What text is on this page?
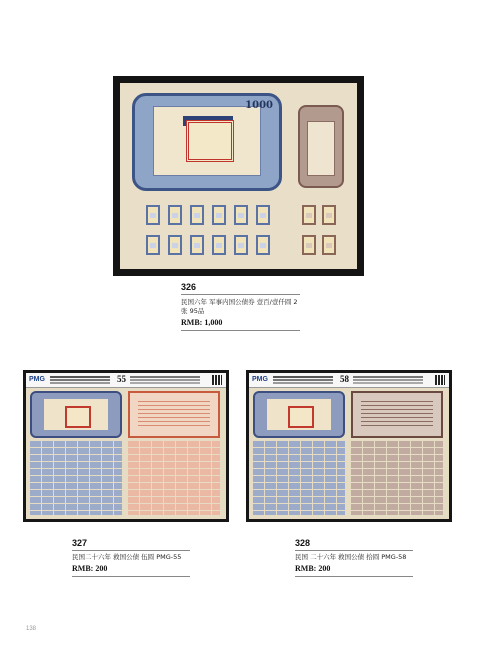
1000
326
民国六年 军事内国公债券 壹百/壹仟圆 2
张 95品
RMB: 1,000
PMG	55
327
民国二十六年 救国公债 伍圆 PMG-55
RMB: 200
PMG	58
328
民国 二十六年 救国公债 拾圆 PMG-58
RMB: 200
138
